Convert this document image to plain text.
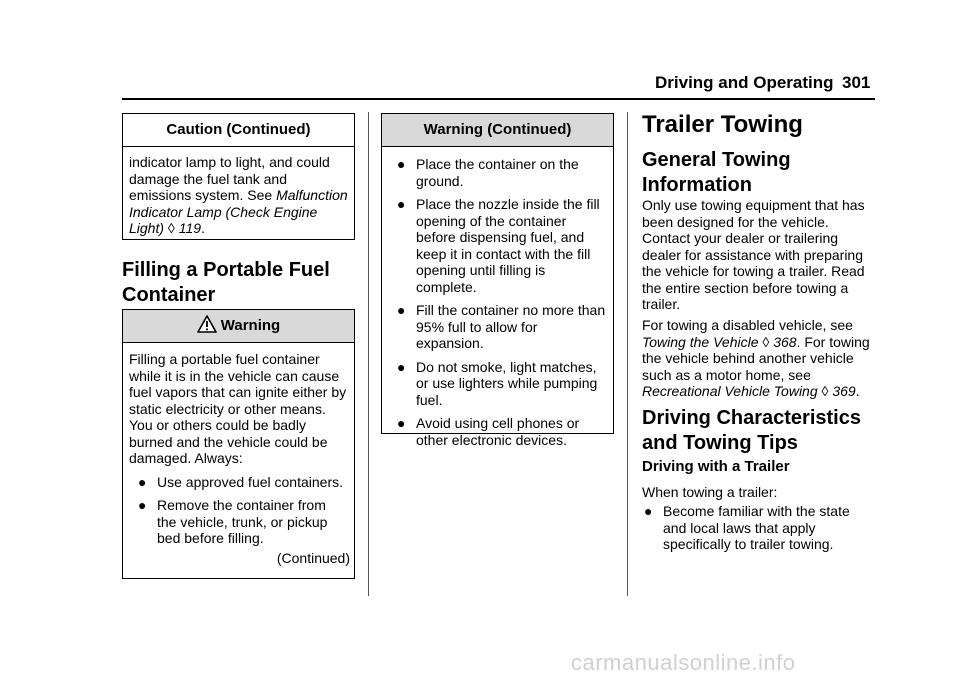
Driving and Operating 301
Caution (Continued)

indicator lamp to light, and could damage the fuel tank and emissions system. See Malfunction Indicator Lamp (Check Engine Light) ◊ 119.

Filling a Portable Fuel Container
Warning

Filling a portable fuel container while it is in the vehicle can cause fuel vapors that can ignite either by static electricity or other means. You or others could be badly burned and the vehicle could be damaged. Always:

● Use approved fuel containers.
● Remove the container from the vehicle, trunk, or pickup bed before filling.

(Continued)

Warning (Continued)
● Place the container on the ground.
● Place the nozzle inside the fill opening of the container before dispensing fuel, and keep it in contact with the fill opening until filling is complete.
● Fill the container no more than 95% full to allow for expansion.
● Do not smoke, light matches, or use lighters while pumping fuel.
● Avoid using cell phones or other electronic devices.
Trailer Towing
General Towing Information

Only use towing equipment that has been designed for the vehicle. Contact your dealer or trailering dealer for assistance with preparing the vehicle for towing a trailer. Read the entire section before towing a trailer.

For towing a disabled vehicle, see Towing the Vehicle ◊ 368. For towing the vehicle behind another vehicle such as a motor home, see Recreational Vehicle Towing ◊ 369.

Driving Characteristics and Towing Tips
Driving with a Trailer

When towing a trailer:

● Become familiar with the state and local laws that apply specifically to trailer towing.
carmanualsonline.info
